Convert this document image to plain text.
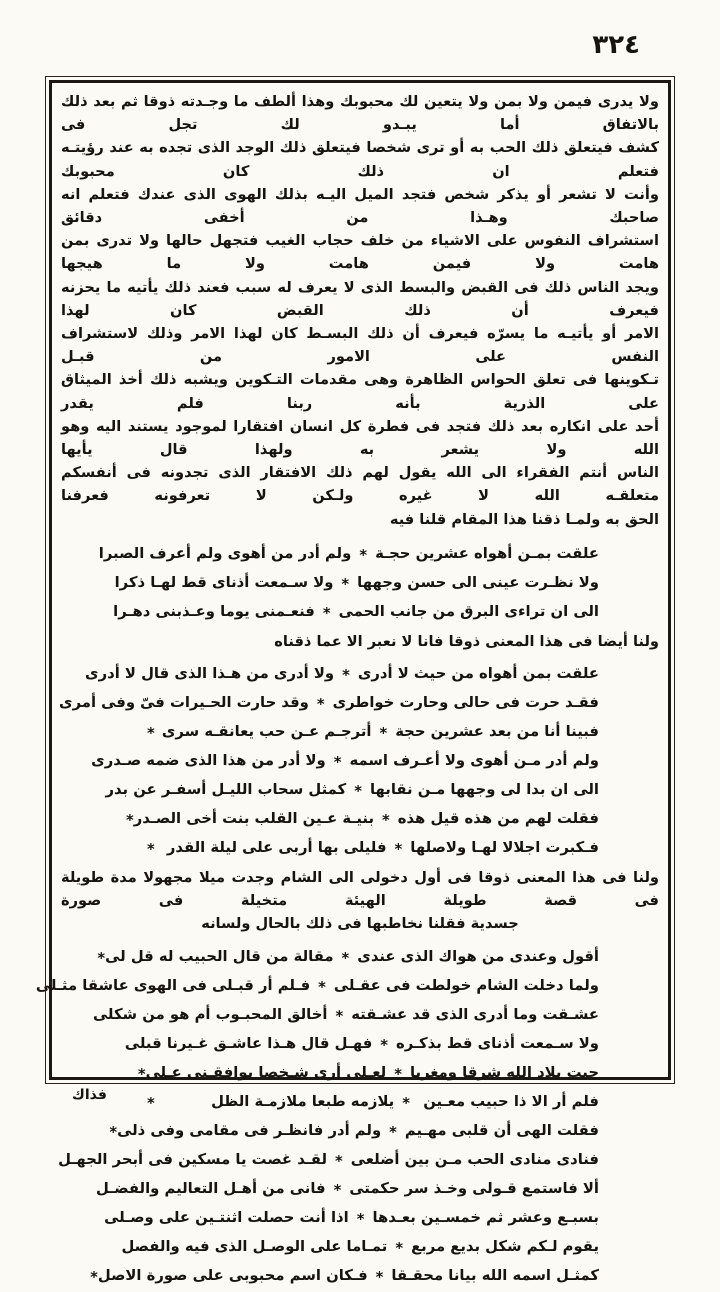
٣٢٤
ولا يدرى فيمن ولا بمن ولا يتعين لك محبوبك وهذا ألطف ما وجـدته ذوقا ثم بعد ذلك بالاتفاق أما يبـدو لك تجل فى
كشف فيتعلق ذلك الحب به أو ترى شخصا فيتعلق ذلك الوجد الذى تجده به عند رؤيتـه فتعلم ان ذلك كان محبوبك
وأنت لا تشعر أو يذكر شخص فتجد الميل اليـه بذلك الهوى الذى عندك فتعلم انه صاحبك وهـذا من أخفى دقائق
استشراف النفوس على الاشياء من خلف حجاب الغيب فتجهل حالها ولا تدرى بمن هامت ولا فيمن هامت ولا ما هيجها
ويجد الناس ذلك فى القبض والبسط الذى لا يعرف له سبب فعند ذلك يأتيه ما يحزنه فيعرف أن ذلك القبض كان لهذا
الامر أو يأتيـه ما يسرّه فيعرف أن ذلك البسـط كان لهذا الامر وذلك لاستشراف النفس على الامور من قبـل
تـكوينها فى تعلق الحواس الظاهرة وهى مقدمات التـكوين ويشبه ذلك أخذ الميثاق على الذرية بأنه ربنا فلم يقدر
أحد على انكاره بعد ذلك فتجد فى فطرة كل انسان افتقارا لموجود يستند اليه وهو الله ولا يشعر به ولهذا قال يأيها
الناس أنتم الفقراء الى الله يقول لهم ذلك الافتقار الذى تجدونه فى أنفسكم متعلقـه الله لا غيره ولـكن لا تعرفونه فعرفنا
الحق به ولمـا ذقنا هذا المقام قلنا فيه
علقت بمـن أهواه عشرين حجـة
*
ولم أدر من أهوى ولم أعرف الصبرا
ولا نظـرت عينى الى حسن وجهها
*
ولا سـمعت أذناى قط لهـا ذكرا
الى ان تراءى البرق من جانب الحمى
*
فنعـمنى يوما وعـذبنى دهـرا
ولنا أيضا فى هذا المعنى ذوقا فانا لا نعبر الا عما ذقناه
علقت بمن أهواه من حيث لا أدرى
*
ولا أدرى من هـذا الذى قال لا أدرى
فقـد حرت فى حالى وحارت خواطرى
*
وقد حارت الحـيرات فىّ وفى أمرى
فبينا أنا من بعد عشرين حجة
*
أترجـم عـن حب يعانقـه سرى
*
ولم أدر مـن أهوى ولا أعـرف اسمه
*
ولا أدر من هذا الذى ضمه صـدرى
الى ان بدا لى وجهها مـن نقابها
*
كمثل سحاب الليـل أسفـر عن بدر
فقلت لهم من هذه قيل هذه
*
بنيـة عـين القلب بنت أخى الصـدر
*
فـكبرت اجلالا لهـا ولاصلها
*
فليلى بها أربى على ليلة القدر
*
ولنا فى هذا المعنى ذوقا فى أول دخولى الى الشام وجدت ميلا مجهولا مدة طويلة فى قصة طويلة الهيئة متخيلة فى صورة
جسدية فقلنا نخاطبها فى ذلك بالحال ولسانه
أقول وعندى من هواك الذى عندى
*
مقالة من قال الحبيب له قل لى
*
ولما دخلت الشام خولطت فى عقـلى
*
فـلم أر قبـلى فى الهوى عاشقا مثـلى
عشـقت وما أدرى الذى قد عشـقته
*
أخالق المحبـوب أم هو من شكلى
ولا سـمعت أذناى قط بذكـره
*
فهـل قال هـذا عاشـق غـيرنا قبلى
جبت بلاد الله شرقا ومغربا
*
لعـلى أرى شـخصا يوافقـنى عـلى
*
فلم أر الا ذا حبيب معـين
*
يلازمه طبعا ملازمـة الظل
*
فقلت الهى أن قلبى مهـيم
*
ولم أدر فانظـر فى مقامى وفى ذلى
*
فنادى منادى الحب مـن بين أضلعى
*
لقـد غصت يا مسكين فى أبحر الجهـل
ألا فاستمع قـولى وخـذ سر حكمتى
*
فانى من أهـل التعاليم والفضـل
بسبـع وعشر ثم خمسـين بعـدها
*
اذا أنت حصلت اثنتـين على وصـلى
يقوم لـكم شكل بديع مربع
*
تمـاما على الوصـل الذى فيه والفصل
كمثـل اسمه الله بيانا محقـقا
*
فـكان اسم محبوبى على صورة الاصل
*
فذاك
